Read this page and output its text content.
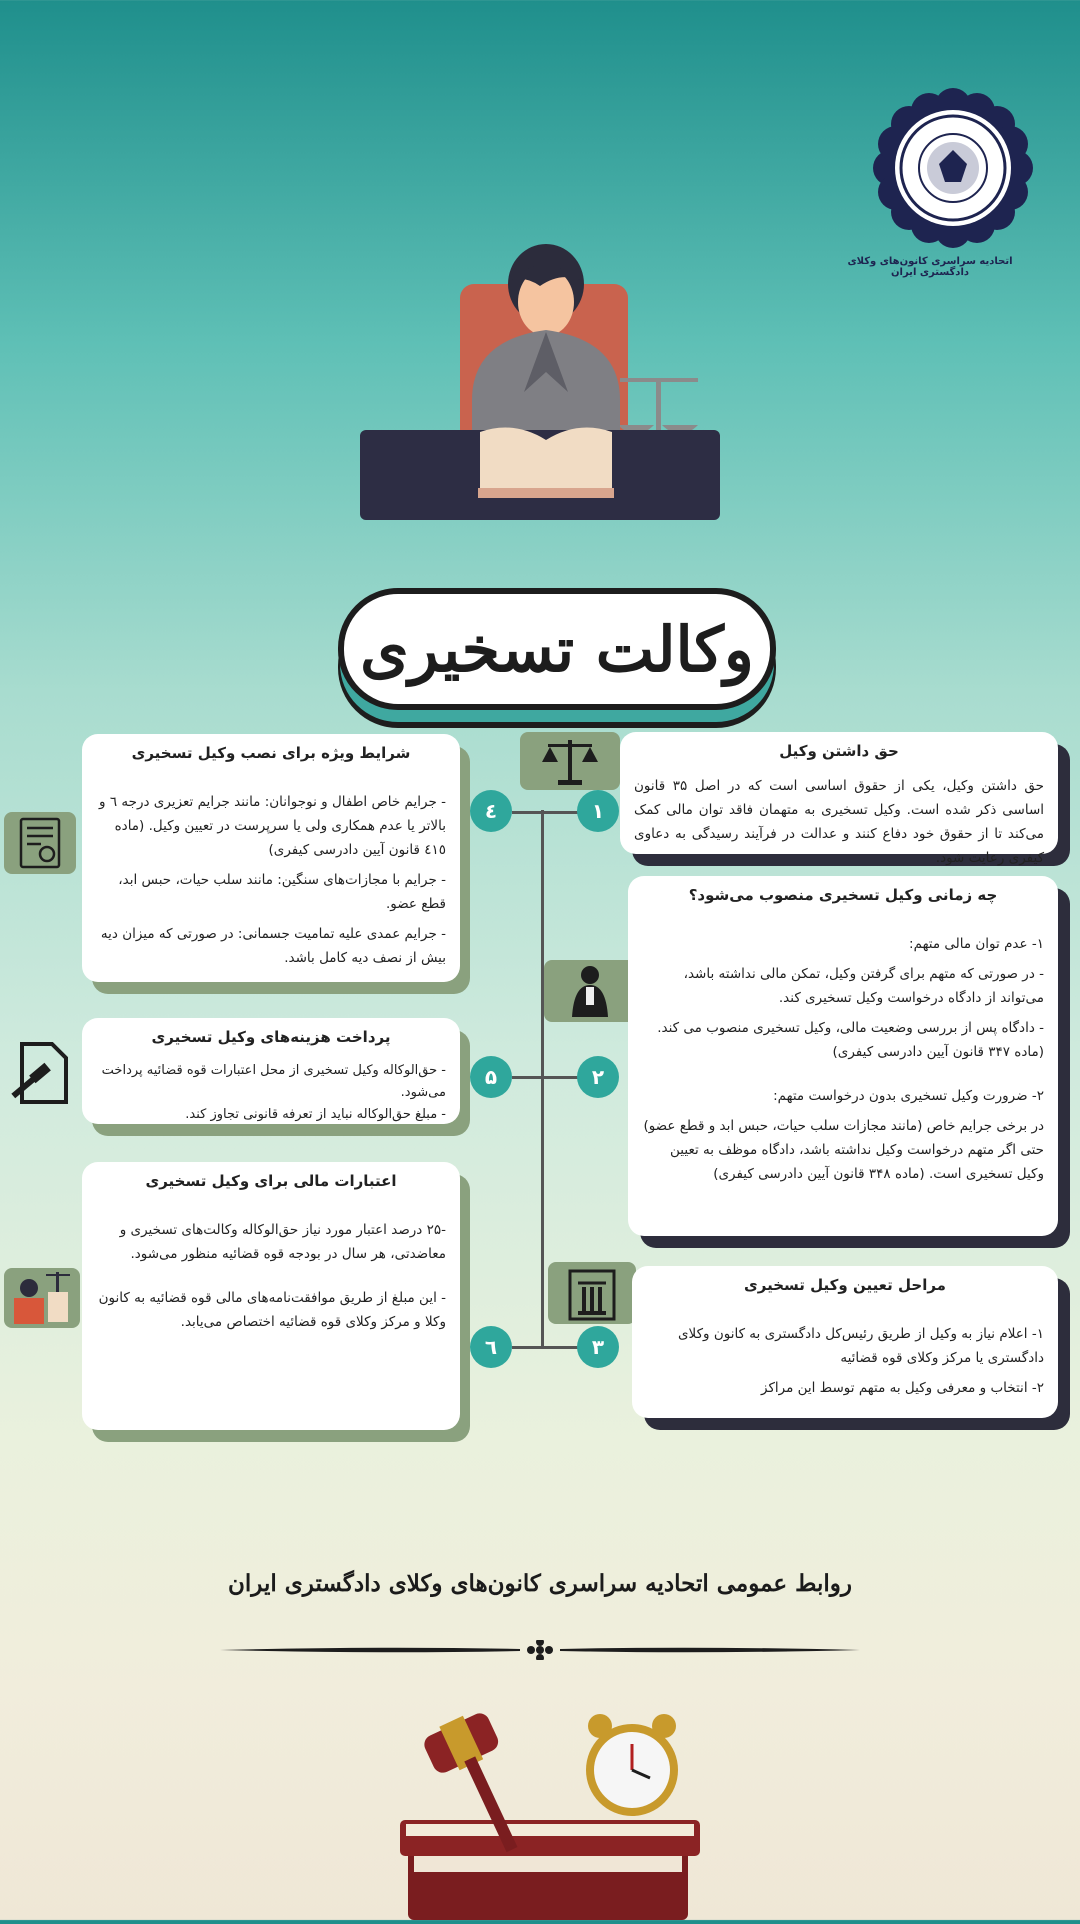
اتحادیه سراسری کانون‌های وکلای دادگستری ایران
وکالت تسخیری
۱
۲
۳
٤
۵
٦
حق داشتن وکیل

حق داشتن وکیل، یکی از حقوق اساسی است که در اصل ۳۵ قانون اساسی ذکر شده است. وکیل تسخیری به متهمان فاقد توان مالی کمک می‌کند تا از حقوق خود دفاع کنند و عدالت در فرآیند رسیدگی به دعاوی کیفری رعایت شود.

چه زمانی وکیل تسخیری منصوب می‌شود؟

۱- عدم توان مالی متهم:

- در صورتی که متهم برای گرفتن وکیل، تمکن مالی نداشته باشد، می‌تواند از دادگاه درخواست وکیل تسخیری کند.

- دادگاه پس از بررسی وضعیت مالی، وکیل تسخیری منصوب می کند. (ماده ۳۴۷ قانون آیین دادرسی کیفری)

۲- ضرورت وکیل تسخیری بدون درخواست متهم:

در برخی جرایم خاص (مانند مجازات سلب حیات، حبس ابد و قطع عضو) حتی اگر متهم درخواست وکیل نداشته باشد، دادگاه موظف به تعیین وکیل تسخیری است. (ماده ۳۴۸ قانون آیین دادرسی کیفری)

مراحل تعیین وکیل تسخیری

۱- اعلام نیاز به وکیل از طریق رئیس‌کل دادگستری به کانون وکلای دادگستری یا مرکز وکلای قوه قضائیه

۲- انتخاب و معرفی وکیل به متهم توسط این مراکز

شرایط ویژه برای نصب وکیل تسخیری

- جرایم خاص اطفال و نوجوانان: مانند جرایم تعزیری درجه ٦ و بالاتر یا عدم همکاری ولی یا سرپرست در تعیین وکیل. (ماده ٤١٥ قانون آیین دادرسی کیفری)

- جرایم با مجازات‌های سنگین: مانند سلب حیات، حبس ابد، قطع عضو.

- جرایم عمدی علیه تمامیت جسمانی: در صورتی که میزان دیه بیش از نصف دیه کامل باشد.

پرداخت هزینه‌های وکیل تسخیری

- حق‌الوکاله وکیل تسخیری از محل اعتبارات قوه قضائیه پرداخت می‌شود.

- مبلغ حق‌الوکاله نباید از تعرفه قانونی تجاوز کند.

اعتبارات مالی برای وکیل تسخیری

-۲۵ درصد اعتبار مورد نیاز حق‌الوکاله وکالت‌های تسخیری و معاضدتی، هر سال در بودجه قوه قضائیه منظور می‌شود.

- این مبلغ از طریق موافقت‌نامه‌های مالی قوه قضائیه به کانون وکلا و مرکز وکلای قوه قضائیه اختصاص می‌یابد.

روابط عمومی اتحادیه سراسری کانون‌های وکلای دادگستری ایران
